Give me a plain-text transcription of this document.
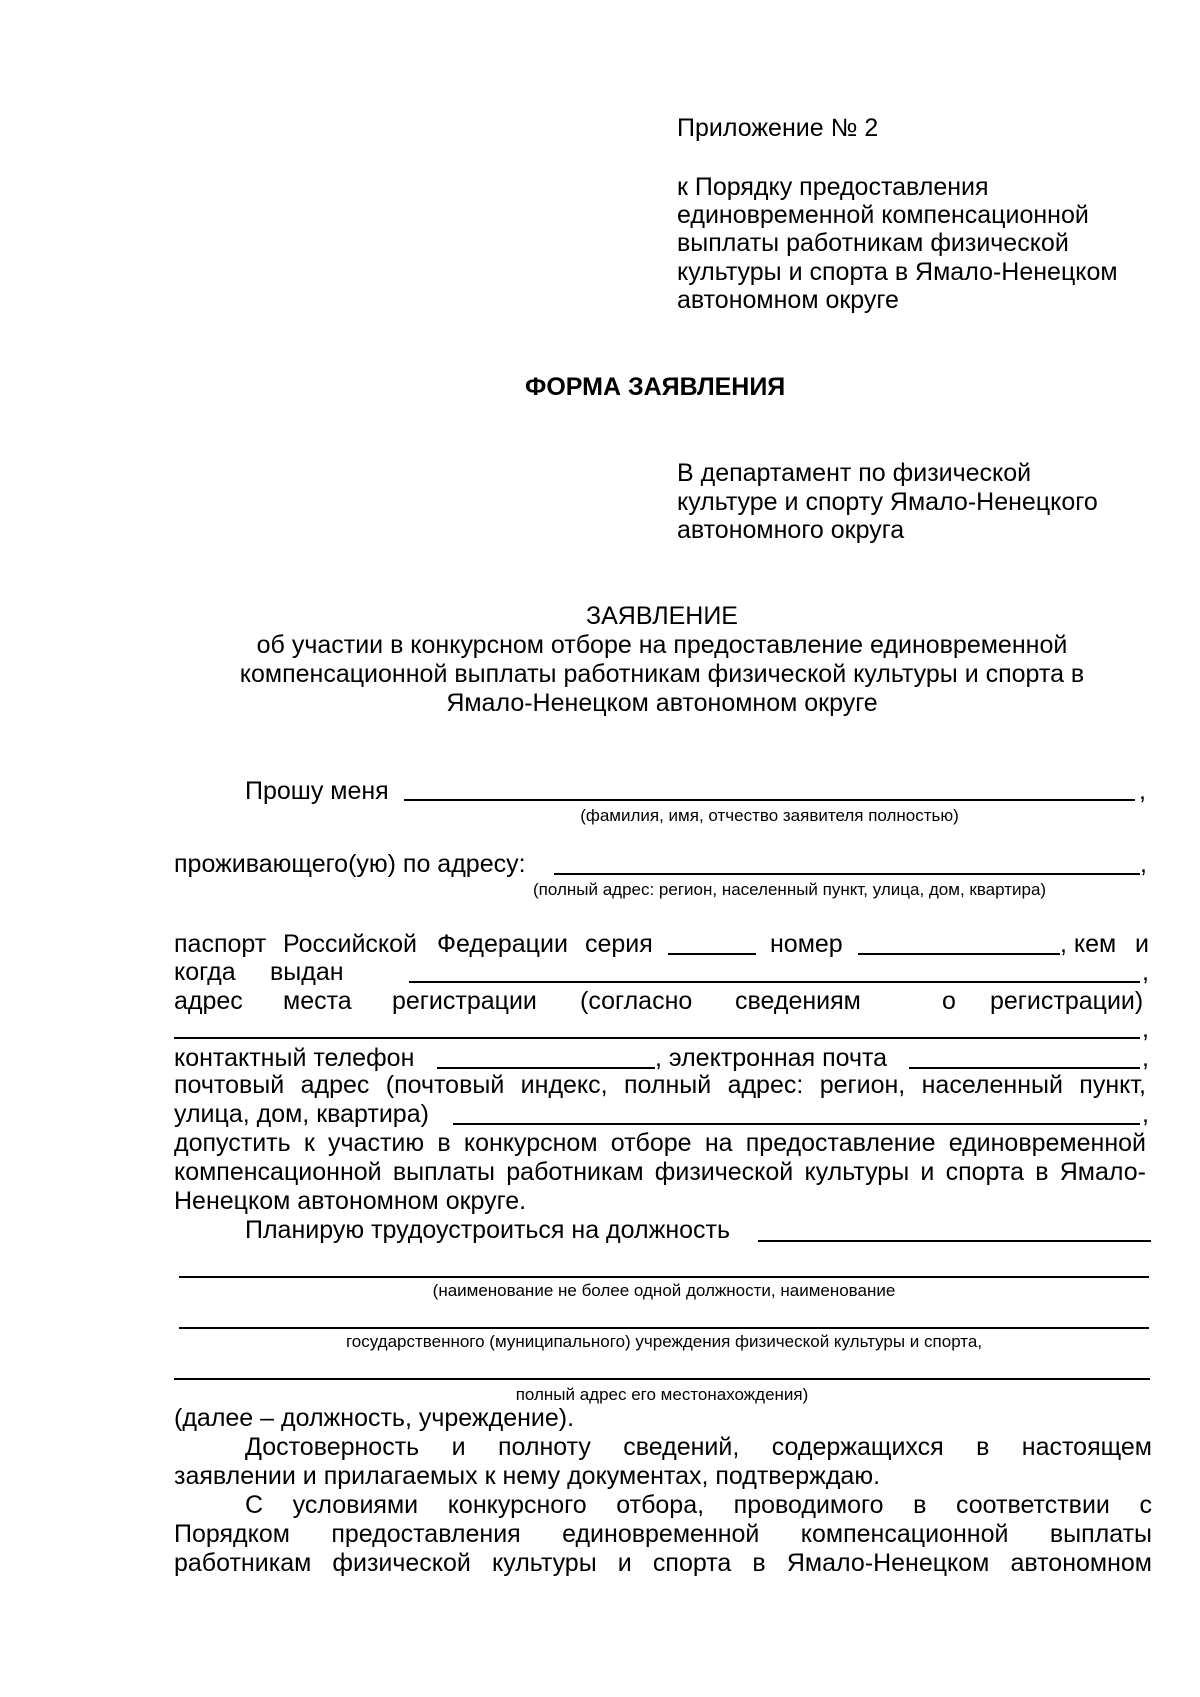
Приложение № 2
к Порядку предоставления
единовременной компенсационной
выплаты работникам физической
культуры и спорта в Ямало-Ненецком
автономном округе
ФОРМА ЗАЯВЛЕНИЯ
В департамент по физической
культуре и спорту Ямало-Ненецкого
автономного округа
ЗАЯВЛЕНИЕ
об участии в конкурсном отборе на предоставление единовременной
компенсационной выплаты работникам физической культуры и спорта в
Ямало-Ненецком автономном округе
Прошу меня	,
(фамилия, имя, отчество заявителя полностью)
проживающего(ую) по адресу:	,
(полный адрес: регион, населенный пункт, улица, дом, квартира)
паспорт Российской Федерации серия	номер	, кем и
когда выдан	,
адрес места регистрации (согласно сведениям	о регистрации)
,
контактный телефон	, электронная почта	,
почтовый адрес (почтовый индекс, полный адрес: регион, населенный пункт,
улица, дом, квартира)	,
допустить к участию в конкурсном отборе на предоставление единовременной
компенсационной выплаты работникам физической культуры и спорта в Ямало-
Ненецком автономном округе.
Планирую трудоустроиться на должность
(наименование не более одной должности, наименование
государственного (муниципального) учреждения физической культуры и спорта,
полный адрес его местонахождения)
(далее – должность, учреждение).
Достоверность и полноту сведений, содержащихся в настоящем
заявлении и прилагаемых к нему документах, подтверждаю.
С условиями конкурсного отбора, проводимого в соответствии с
Порядком предоставления единовременной компенсационной выплаты
работникам физической культуры и спорта в Ямало-Ненецком автономном
